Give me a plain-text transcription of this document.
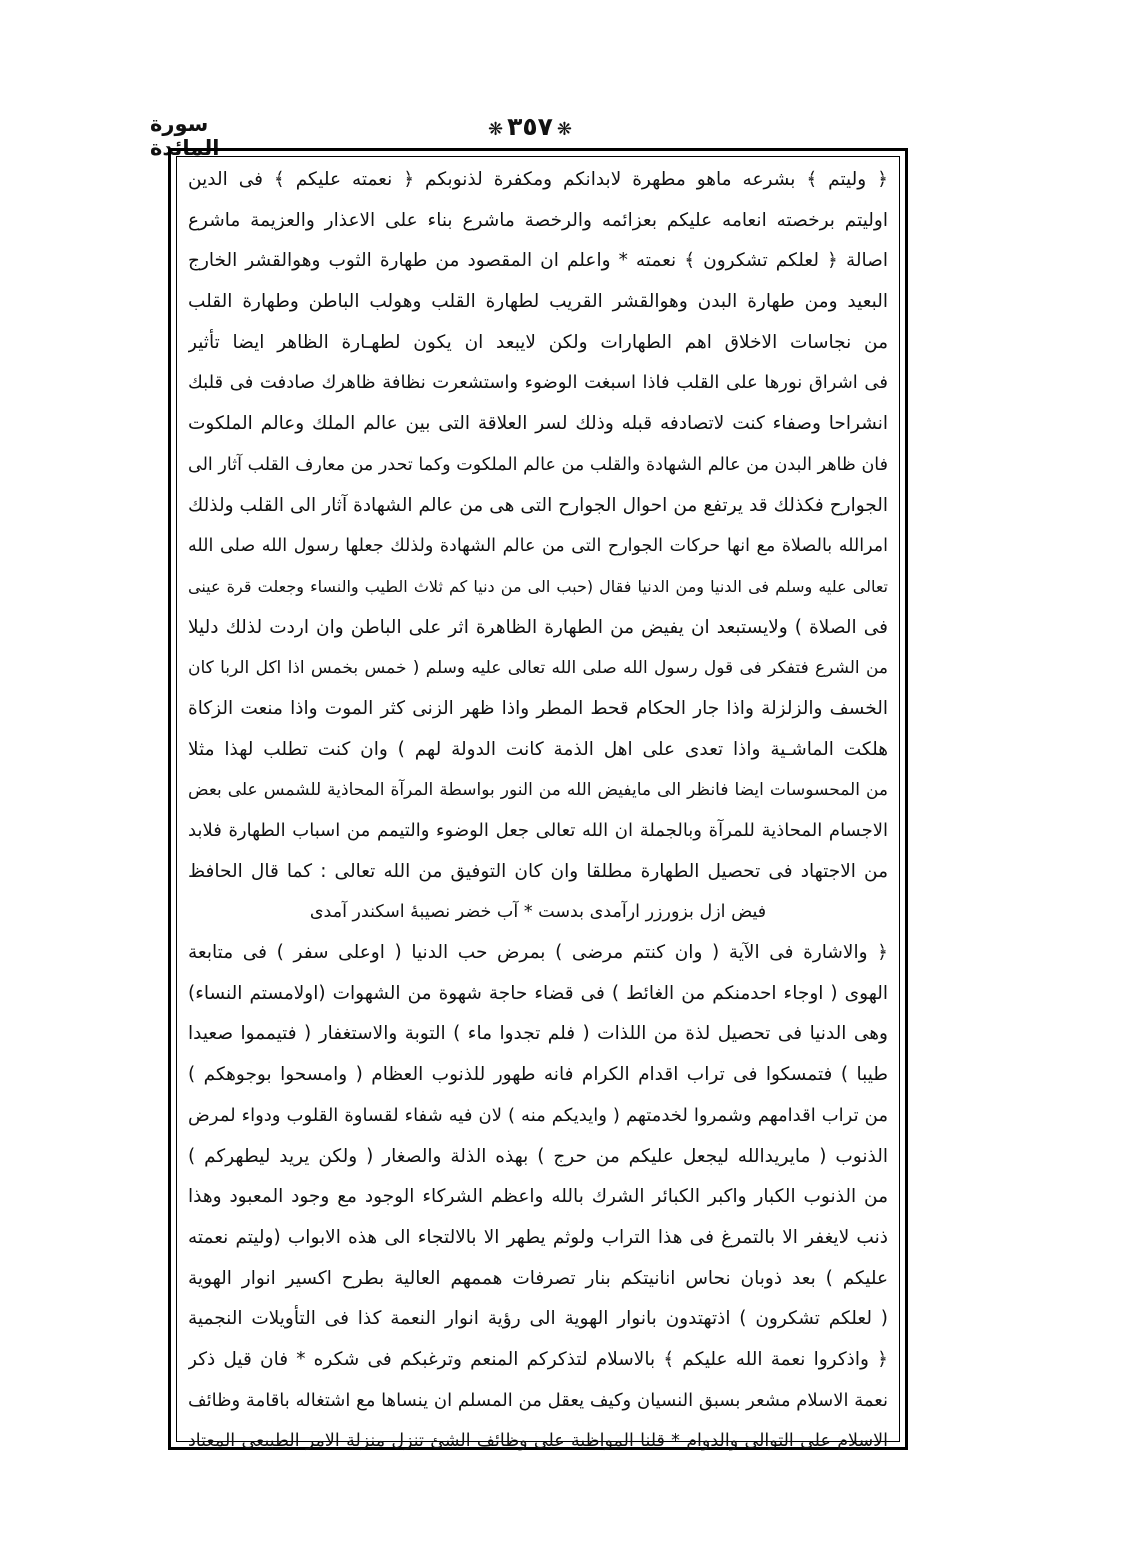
❋٣٥٧❋
سورة المائدة
﴿ وليتم ﴾ بشرعه ماهو مطهرة لابدانكم ومكفرة لذنوبكم ﴿ نعمته عليكم ﴾ فى الدين
اوليتم برخصته انعامه عليكم بعزائمه والرخصة ماشرع بناء على الاعذار والعزيمة ماشرع
اصالة ﴿ لعلكم تشكرون ﴾ نعمته * واعلم ان المقصود من طهارة الثوب وهوالقشر الخارج
البعيد ومن طهارة البدن وهوالقشر القريب لطهارة القلب وهولب الباطن وطهارة القلب
من نجاسات الاخلاق اهم الطهارات ولكن لايبعد ان يكون لطهـارة الظاهر ايضا تأثير
فى اشراق نورها على القلب فاذا اسبغت الوضوء واستشعرت نظافة ظاهرك صادفت فى قلبك
انشراحا وصفاء كنت لاتصادفه قبله وذلك لسر العلاقة التى بين عالم الملك وعالم الملكوت
فان ظاهر البدن من عالم الشهادة والقلب من عالم الملكوت وكما تحدر من معارف القلب آثار الى
الجوارح فكذلك قد يرتفع من احوال الجوارح التى هى من عالم الشهادة آثار الى القلب ولذلك
امرالله بالصلاة مع انها حركات الجوارح التى من عالم الشهادة ولذلك جعلها رسول الله صلى الله
تعالى عليه وسلم فى الدنيا ومن الدنيا فقال (حبب الى من دنيا كم ثلاث الطيب والنساء وجعلت قرة عينى
فى الصلاة ) ولايستبعد ان يفيض من الطهارة الظاهرة اثر على الباطن وان اردت لذلك دليلا
من الشرع فتفكر فى قول رسول الله صلى الله تعالى عليه وسلم ( خمس بخمس اذا اكل الربا كان
الخسف والزلزلة واذا جار الحكام قحط المطر واذا ظهر الزنى كثر الموت واذا منعت الزكاة
هلكت الماشـية واذا تعدى على اهل الذمة كانت الدولة لهم ) وان كنت تطلب لهذا مثلا
من المحسوسات ايضا فانظر الى مايفيض الله من النور بواسطة المرآة المحاذية للشمس على بعض
الاجسام المحاذية للمرآة وبالجملة ان الله تعالى جعل الوضوء والتيمم من اسباب الطهارة فلابد
من الاجتهاد فى تحصيل الطهارة مطلقا وان كان التوفيق من الله تعالى : كما قال الحافظ
فيض ازل بزورزر ارآمدى بدست * آب خضر نصيبهٔ اسكندر آمدى
﴿ والاشارة فى الآية ( وان كنتم مرضى ) بمرض حب الدنيا ( اوعلى سفر ) فى متابعة
الهوى ( اوجاء احدمنكم من الغائط ) فى قضاء حاجة شهوة من الشهوات (اولامستم النساء)
وهى الدنيا فى تحصيل لذة من اللذات ( فلم تجدوا ماء ) التوبة والاستغفار ( فتيمموا صعيدا
طيبا ) فتمسكوا فى تراب اقدام الكرام فانه طهور للذنوب العظام ( وامسحوا بوجوهكم )
من تراب اقدامهم وشمروا لخدمتهم ( وايديكم منه ) لان فيه شفاء لقساوة القلوب ودواء لمرض
الذنوب ( مايريدالله ليجعل عليكم من حرج ) بهذه الذلة والصغار ( ولكن يريد ليطهركم )
من الذنوب الكبار واكبر الكبائر الشرك بالله واعظم الشركاء الوجود مع وجود المعبود وهذا
ذنب لايغفر الا بالتمرغ فى هذا التراب ولوثم يطهر الا بالالتجاء الى هذه الابواب (وليتم نعمته
عليكم ) بعد ذوبان نحاس انانيتكم بنار تصرفات هممهم العالية بطرح اكسير انوار الهوية
( لعلكم تشكرون ) اذتهتدون بانوار الهوية الى رؤية انوار النعمة كذا فى التأويلات النجمية
﴿ واذكروا نعمة الله عليكم ﴾ بالاسلام لتذكركم المنعم وترغبكم فى شكره * فان قيل ذكر
نعمة الاسلام مشعر بسبق النسيان وكيف يعقل من المسلم ان ينساها مع اشتغاله باقامة وظائف
الاسلام على التوالى والدوام * قلنا المواظبة على وظائف الشئ تنزل منزلة الامر الطبيعى المعتاد
